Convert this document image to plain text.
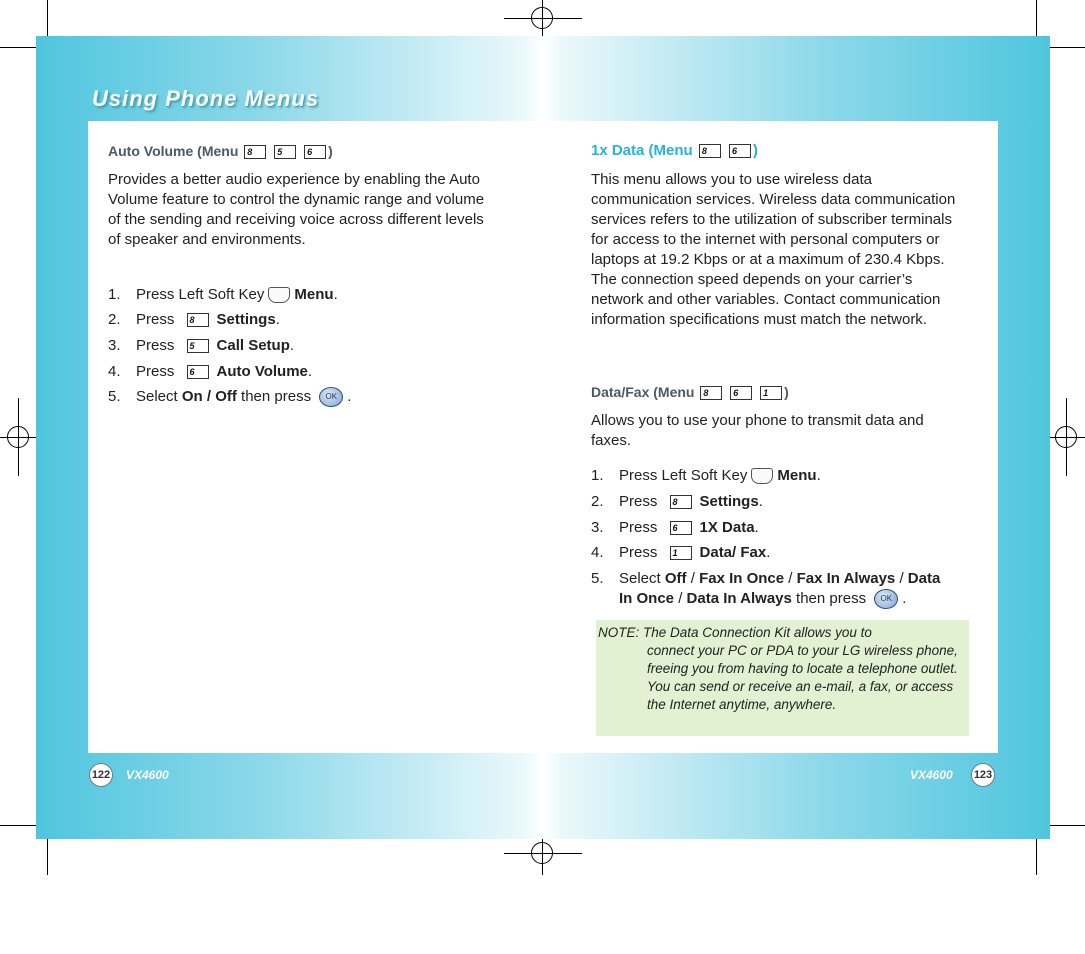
Using Phone Menus
Auto Volume (Menu 8	5	6 )
Provides a better audio experience by enabling the Auto Volume feature to control the dynamic range and volume of the sending and receiving voice across different levels of speaker and environments.
1. Press Left Soft Key Menu.
2. Press 8 Settings.
3. Press 5 Call Setup.
4. Press 6 Auto Volume.
5. Select On / Off then press OK .
1x Data (Menu 8	6 )
This menu allows you to use wireless data communication services. Wireless data communication services refers to the utilization of subscriber terminals for access to the internet with personal computers or laptops at 19.2 Kbps or at a maximum of 230.4 Kbps. The connection speed depends on your carrier’s network and other variables. Contact communication information specifications must match the network.
Data/Fax (Menu 8	6	1 )
Allows you to use your phone to transmit data and faxes.
1. Press Left Soft Key Menu.
2. Press 8 Settings.
3. Press 6 1X Data.
4. Press 1 Data/ Fax.
5. Select Off / Fax In Once / Fax In Always / Data
In Once / Data In Always then press OK .
NOTE: The Data Connection Kit allows you to
connect your PC or PDA to your LG wireless phone, freeing you from having to locate a telephone outlet. You can send or receive an e-mail, a fax, or access the Internet anytime, anywhere.
122 VX4600	VX4600 123
